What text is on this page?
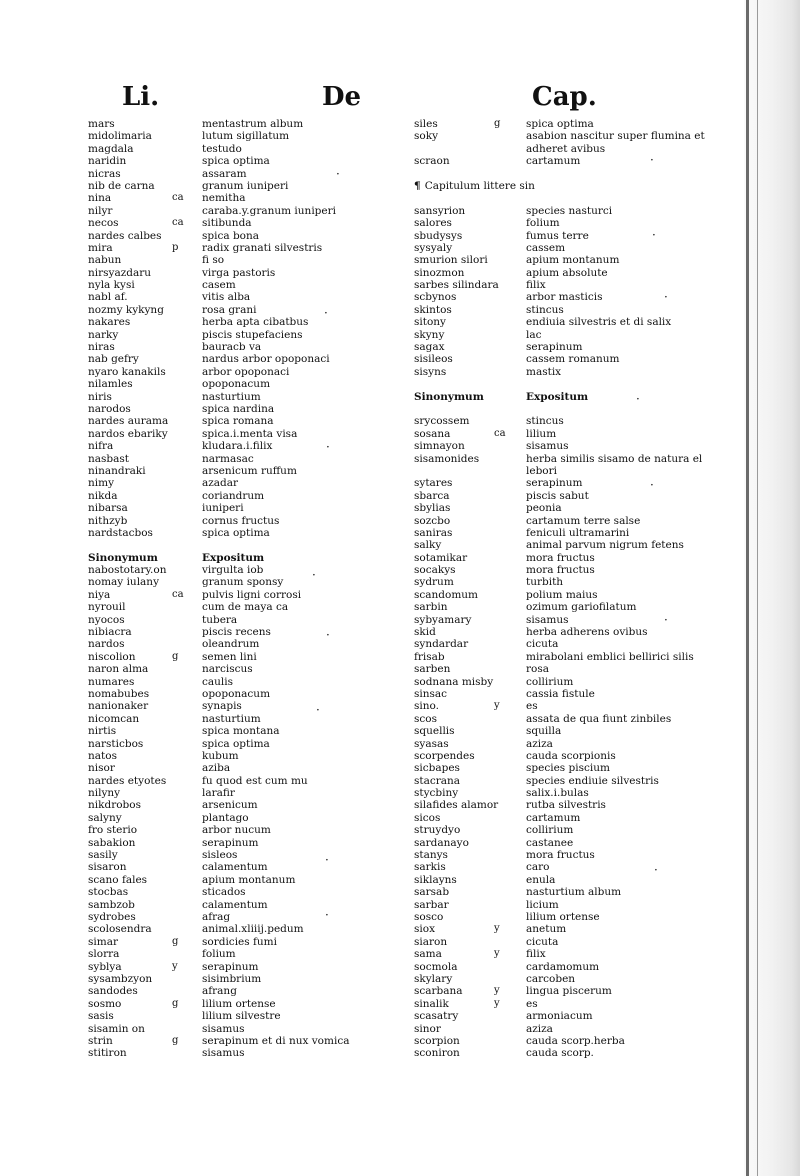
Li.	De	Cap.
mars	mentastrum album
midolimaria	lutum sigillatum
magdala	testudo
naridin	spica optima
nicras	assaram
nib de carna	granum iuniperi
nina	ca nemitha
nilyr	caraba.y.granum iuniperi
necos	ca sitibunda
nardes calbes	spica bona
mira	p radix granati silvestris
nabun	fi so
nirsyazdaru	virga pastoris
nyla kysi	casem
nabl af.	vitis alba
nozmy kykyng	rosa grani
nakares	herba apta cibatbus
narky	piscis stupefaciens
niras	bauracb va
nab gefry	nardus arbor opoponaci
nyaro kanakils	arbor opoponaci
nilamles	opoponacum
niris	nasturtium
narodos	spica nardina
nardes aurama	spica romana
nardos ebariky	spica.i.menta visa
nifra	kludara.i.filix
nasbast	narmasac
ninandraki	arsenicum ruffum
nimy	azadar
nikda	coriandrum
nibarsa	iuniperi
nithzyb	cornus fructus
nardstacbos	spica optima
Sinonymum	Expositum
nabostotary.on	virgulta iob
nomay iulany	granum sponsy
niya	ca pulvis ligni corrosi
nyrouil	cum de maya ca
nyocos	tubera
nibiacra	piscis recens
nardos	oleandrum
niscolion	g semen lini
naron alma	narciscus
numares	caulis
nomabubes	opoponacum
nanionaker	synapis
nicomcan	nasturtium
nirtis	spica montana
narsticbos	spica optima
natos	kubum
nisor	aziba
nardes etyotes	fu quod est cum mu
nilyny	larafir
nikdrobos	arsenicum
salyny	plantago
fro sterio	arbor nucum
sabakion	serapinum
sasily	sisleos
sisaron	calamentum
scano fales	apium montanum
stocbas	sticados
sambzob	calamentum
sydrobes	afrag
scolosendra	animal.xliiij.pedum
simar	g sordicies fumi
slorra	folium
syblya	y serapinum
sysambzyon	sisimbrium
sandodes	afrang
sosmo	g lilium ortense
sasis	lilium silvestre
sisamin on	sisamus
strin	g serapinum et di nux vomica
stitiron	sisamus
siles	g spica optima
soky	asabion nascitur super flumina et
adheret avibus
scraon	cartamum
¶ Capitulum littere sin
sansyrion	species nasturci
salores	folium
sbudysys	fumus terre
sysyaly	cassem
smurion silori	apium montanum
sinozmon	apium absolute
sarbes silindara	filix
scbynos	arbor masticis
skintos	stincus
sitony	endiuia silvestris et di salix
skyny	lac
sagax	serapinum
sisileos	cassem romanum
sisyns	mastix
Sinonymum	Expositum
srycossem	stincus
sosana	ca lilium
simnayon	sisamus
sisamonides	herba similis sisamo de natura el
lebori
sytares	serapinum
sbarca	piscis sabut
sbylias	peonia
sozcbo	cartamum terre salse
saniras	feniculi ultramarini
salky	animal parvum nigrum fetens
sotamikar	mora fructus
socakys	mora fructus
sydrum	turbith
scandomum	polium maius
sarbin	ozimum gariofilatum
sybyamary	sisamus
skid	herba adherens ovibus
syndardar	cicuta
frisab	mirabolani emblici bellirici silis
sarben	rosa
sodnana misby	collirium
sinsac	cassia fistule
sino.	y	es
scos	assata de qua fiunt zinbiles
squellis	squilla
syasas	aziza
scorpendes	cauda scorpionis
sicbapes	species piscium
stacrana	species endiuie silvestris
stycbiny	salix.i.bulas
silafides alamor	rutba silvestris
sicos	cartamum
struydyo	collirium
sardanayo	castanee
stanys	mora fructus
sarkis	caro
siklayns	enula
sarsab	nasturtium album
sarbar	licium
sosco	lilium ortense
siox	y	anetum
siaron	cicuta
sama	y	filix
socmola	cardamomum
skylary	carcoben
scarbana	y	lingua piscerum
sinalik	y	es
scasatry	armoniacum
sinor	aziza
scorpion	cauda scorp.herba
sconiron	cauda scorp.
·
·
·
·
·
·
·
·
·
·
·
·
·
·
·
